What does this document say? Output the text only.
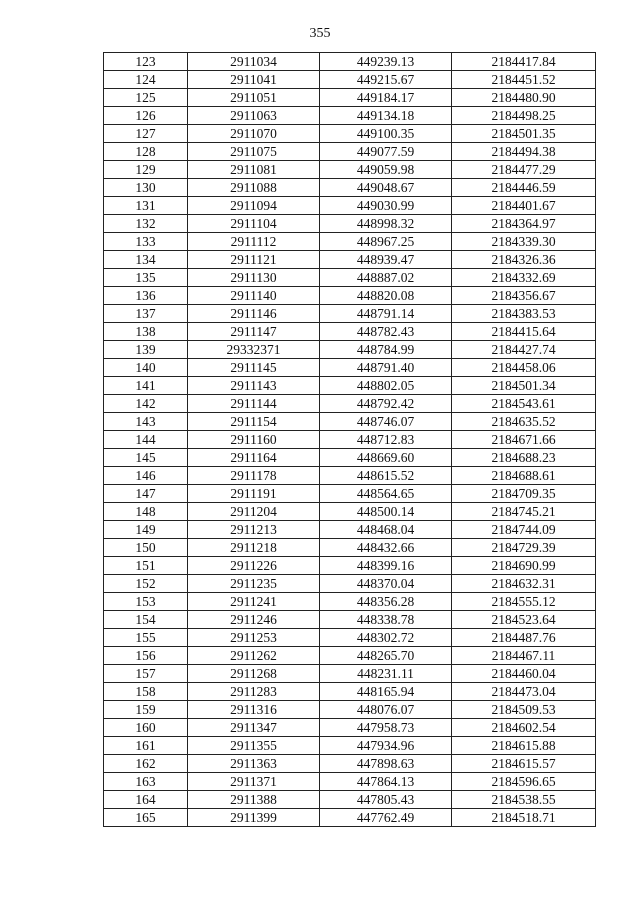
355
123	2911034	449239.13	2184417.84
124	2911041	449215.67	2184451.52
125	2911051	449184.17	2184480.90
126	2911063	449134.18	2184498.25
127	2911070	449100.35	2184501.35
128	2911075	449077.59	2184494.38
129	2911081	449059.98	2184477.29
130	2911088	449048.67	2184446.59
131	2911094	449030.99	2184401.67
132	2911104	448998.32	2184364.97
133	2911112	448967.25	2184339.30
134	2911121	448939.47	2184326.36
135	2911130	448887.02	2184332.69
136	2911140	448820.08	2184356.67
137	2911146	448791.14	2184383.53
138	2911147	448782.43	2184415.64
139	29332371	448784.99	2184427.74
140	2911145	448791.40	2184458.06
141	2911143	448802.05	2184501.34
142	2911144	448792.42	2184543.61
143	2911154	448746.07	2184635.52
144	2911160	448712.83	2184671.66
145	2911164	448669.60	2184688.23
146	2911178	448615.52	2184688.61
147	2911191	448564.65	2184709.35
148	2911204	448500.14	2184745.21
149	2911213	448468.04	2184744.09
150	2911218	448432.66	2184729.39
151	2911226	448399.16	2184690.99
152	2911235	448370.04	2184632.31
153	2911241	448356.28	2184555.12
154	2911246	448338.78	2184523.64
155	2911253	448302.72	2184487.76
156	2911262	448265.70	2184467.11
157	2911268	448231.11	2184460.04
158	2911283	448165.94	2184473.04
159	2911316	448076.07	2184509.53
160	2911347	447958.73	2184602.54
161	2911355	447934.96	2184615.88
162	2911363	447898.63	2184615.57
163	2911371	447864.13	2184596.65
164	2911388	447805.43	2184538.55
165	2911399	447762.49	2184518.71
